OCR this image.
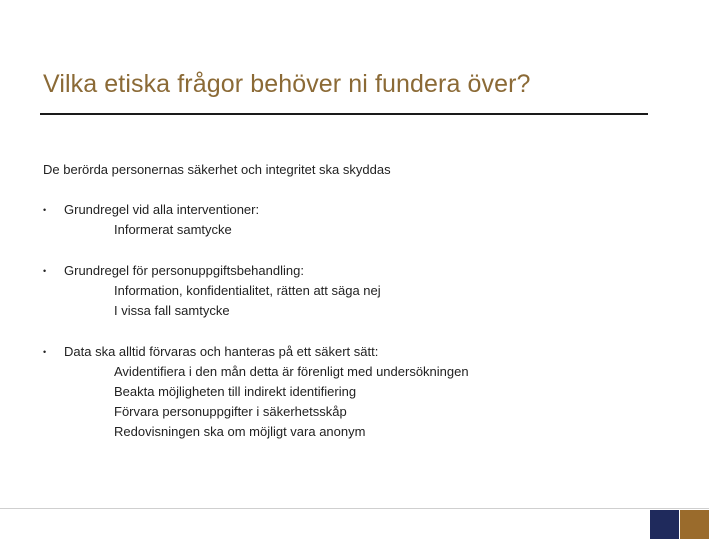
Vilka etiska frågor behöver ni fundera över?
De berörda personernas säkerhet och integritet ska skyddas
•	Grundregel vid alla interventioner:
Informerat samtycke
•	Grundregel för personuppgiftsbehandling:
Information, konfidentialitet, rätten att säga nej
I vissa fall samtycke
•	Data ska alltid förvaras och hanteras på ett säkert sätt:
Avidentifiera i den mån detta är förenligt med undersökningen
Beakta möjligheten till indirekt identifiering
Förvara personuppgifter i säkerhetsskåp
Redovisningen ska om möjligt vara anonym
